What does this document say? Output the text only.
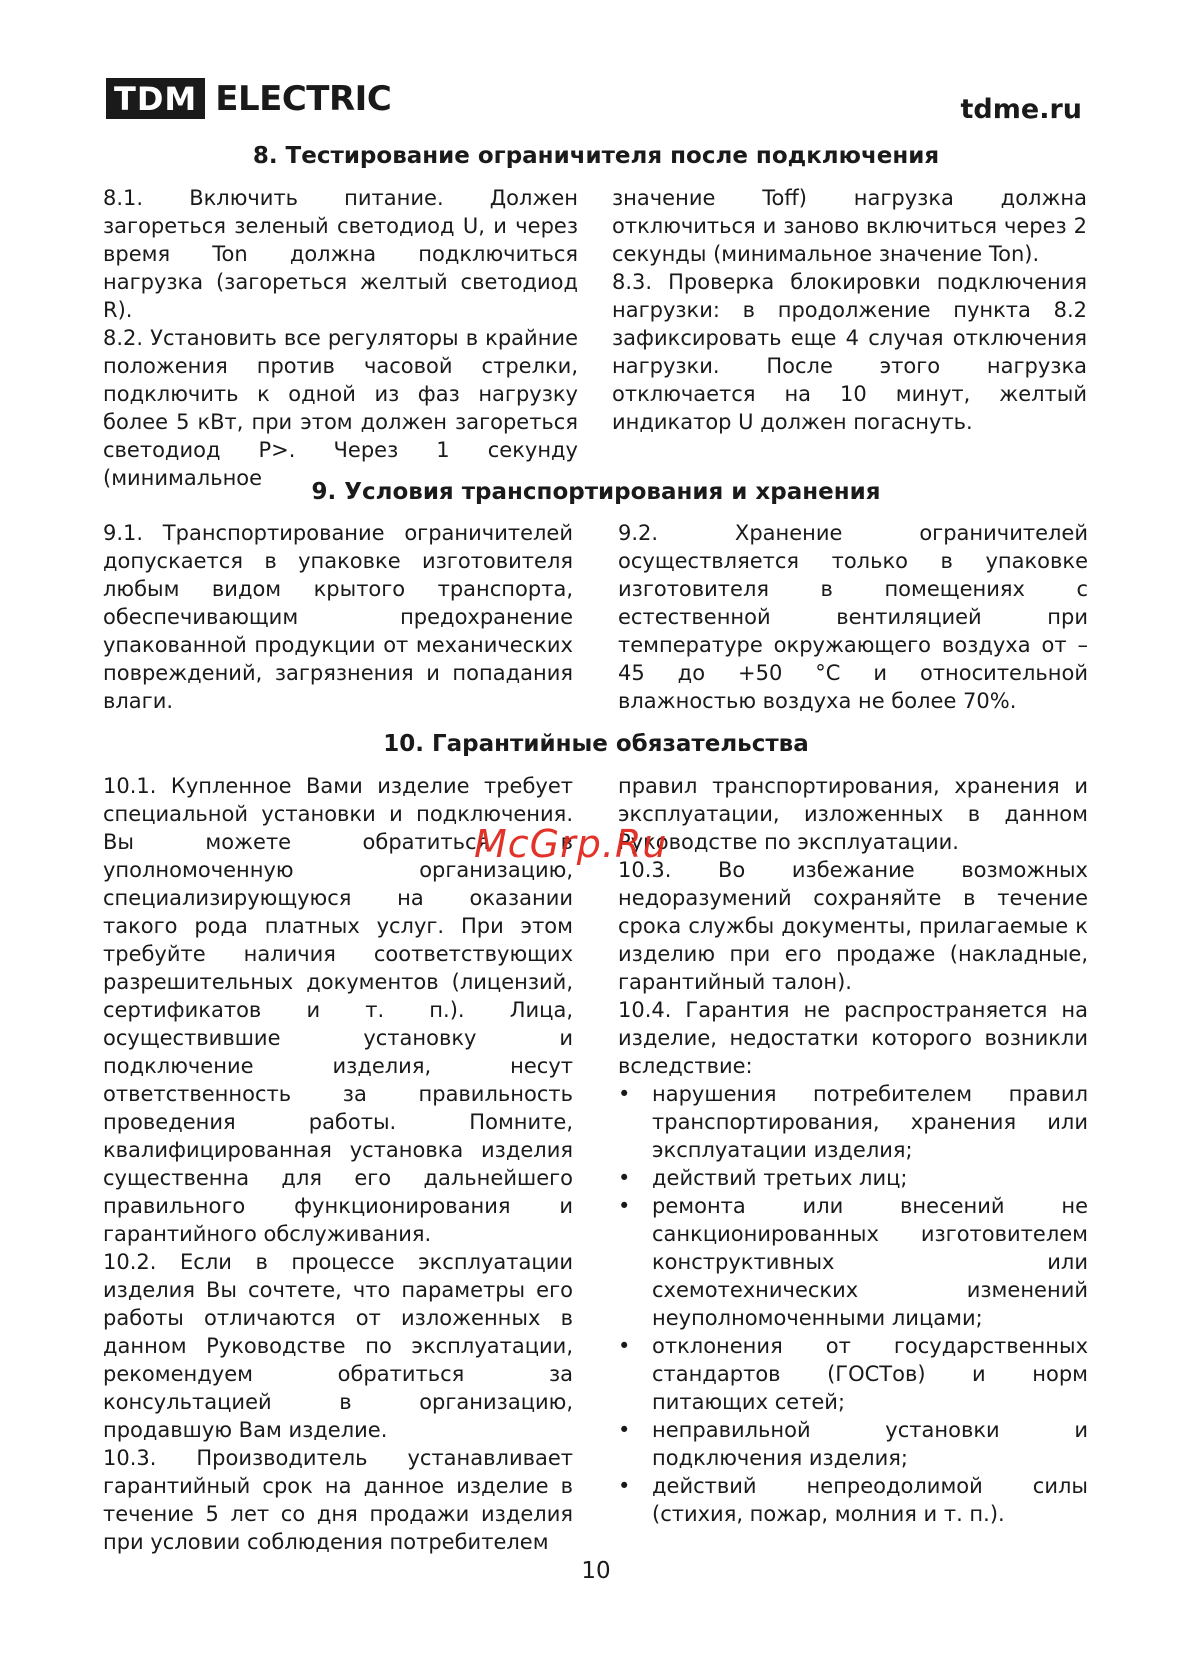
TDM ELECTRIC	tdme.ru
8. Тестирование ограничителя после подключения

8.1. Включить питание. Должен загореться зеленый светодиод U, и через время Ton должна подключиться нагрузка (загореться желтый светодиод R).

8.2. Установить все регуляторы в крайние положения против часовой стрелки, подключить к одной из фаз нагрузку более 5 кВт, при этом должен загореться светодиод P>. Через 1 секунду (минимальное

значение Toff) нагрузка должна отключиться и заново включиться через 2 секунды (минимальное значение Ton).

8.3. Проверка блокировки подключения нагрузки: в продолжение пункта 8.2 зафиксировать еще 4 случая отключения нагрузки. После этого нагрузка отключается на 10 минут, желтый индикатор U должен погаснуть.

9. Условия транспортирования и хранения

9.1. Транспортирование ограничителей допускается в упаковке изготовителя любым видом крытого транспорта, обеспечивающим предохранение упакованной продукции от механических повреждений, загрязнения и попадания влаги.

9.2. Хранение ограничителей осуществляется только в упаковке изготовителя в помещениях с естественной вентиляцией при температуре окружающего воздуха от –45 до +50 °С и относительной влажностью воздуха не более 70%.

10. Гарантийные обязательства

10.1. Купленное Вами изделие требует специальной установки и подключения. Вы можете обратиться в уполномоченную организацию, специализирующуюся на оказании такого рода платных услуг. При этом требуйте наличия соответствующих разрешительных документов (лицензий, сертификатов и т. п.). Лица, осуществившие установку и подключение изделия, несут ответственность за правильность проведения работы. Помните, квалифицированная установка изделия существенна для его дальнейшего правильного функционирования и гарантийного обслуживания.

10.2. Если в процессе эксплуатации изделия Вы сочтете, что параметры его работы отличаются от изложенных в данном Руководстве по эксплуатации, рекомендуем обратиться за консультацией в организацию, продавшую Вам изделие.

10.3. Производитель устанавливает гарантийный срок на данное изделие в течение 5 лет со дня продажи изделия при условии соблюдения потребителем

правил транспортирования, хранения и эксплуатации, изложенных в данном Руководстве по эксплуатации.

10.3. Во избежание возможных недоразумений сохраняйте в течение срока службы документы, прилагаемые к изделию при его продаже (накладные, гарантийный талон).

10.4. Гарантия не распространяется на изделие, недостатки которого возникли вследствие:

• нарушения потребителем правил транспортирования, хранения или эксплуатации изделия;

• действий третьих лиц;

• ремонта или внесений не санкционированных изготовителем конструктивных или схемотехнических изменений неуполномоченными лицами;

• отклонения от государственных стандартов (ГОСТов) и норм питающих сетей;

• неправильной установки и подключения изделия;

• действий непреодолимой силы (стихия, пожар, молния и т. п.).

McGrp.Ru
10
